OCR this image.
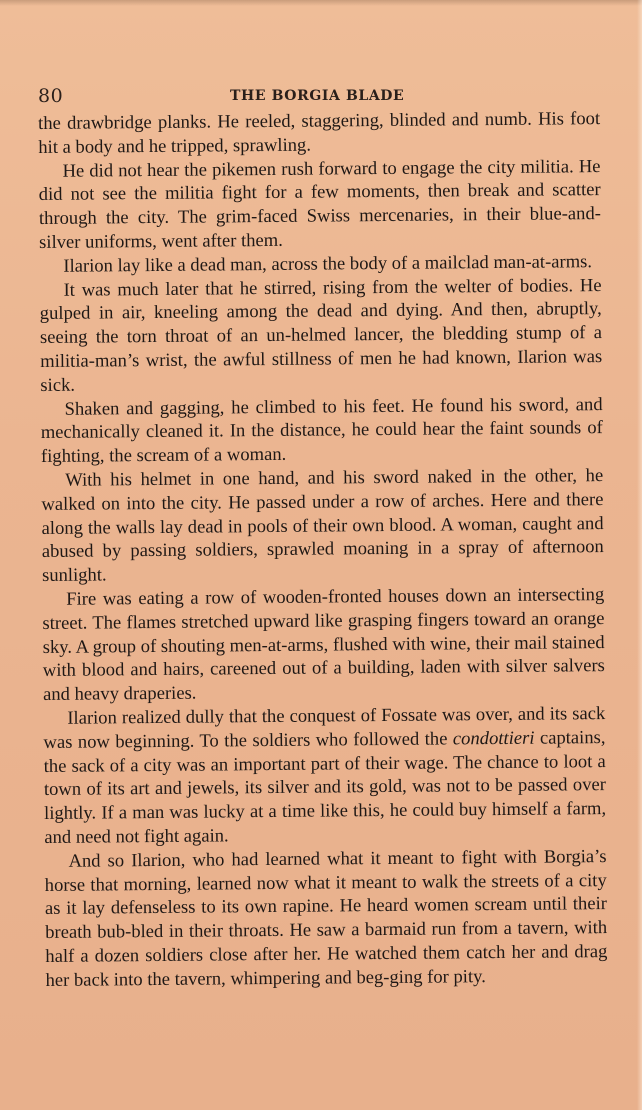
80	THE BORGIA BLADE

the drawbridge planks. He reeled, staggering, blinded and numb. His foot hit a body and he tripped, sprawling.

He did not hear the pikemen rush forward to engage the city militia. He did not see the militia fight for a few moments, then break and scatter through the city. The grim-faced Swiss mercenaries, in their blue-and-silver uniforms, went after them.

Ilarion lay like a dead man, across the body of a mailclad man-at-arms.

It was much later that he stirred, rising from the welter of bodies. He gulped in air, kneeling among the dead and dying. And then, abruptly, seeing the torn throat of an un-helmed lancer, the bledding stump of a militia-man’s wrist, the awful stillness of men he had known, Ilarion was sick.

Shaken and gagging, he climbed to his feet. He found his sword, and mechanically cleaned it. In the distance, he could hear the faint sounds of fighting, the scream of a woman.

With his helmet in one hand, and his sword naked in the other, he walked on into the city. He passed under a row of arches. Here and there along the walls lay dead in pools of their own blood. A woman, caught and abused by passing soldiers, sprawled moaning in a spray of afternoon sunlight.

Fire was eating a row of wooden-fronted houses down an intersecting street. The flames stretched upward like grasping fingers toward an orange sky. A group of shouting men-at-arms, flushed with wine, their mail stained with blood and hairs, careened out of a building, laden with silver salvers and heavy draperies.

Ilarion realized dully that the conquest of Fossate was over, and its sack was now beginning. To the soldiers who followed the condottieri captains, the sack of a city was an important part of their wage. The chance to loot a town of its art and jewels, its silver and its gold, was not to be passed over lightly. If a man was lucky at a time like this, he could buy himself a farm, and need not fight again.

And so Ilarion, who had learned what it meant to fight with Borgia’s horse that morning, learned now what it meant to walk the streets of a city as it lay defenseless to its own rapine. He heard women scream until their breath bub-bled in their throats. He saw a barmaid run from a tavern, with half a dozen soldiers close after her. He watched them catch her and drag her back into the tavern, whimpering and beg-ging for pity.
